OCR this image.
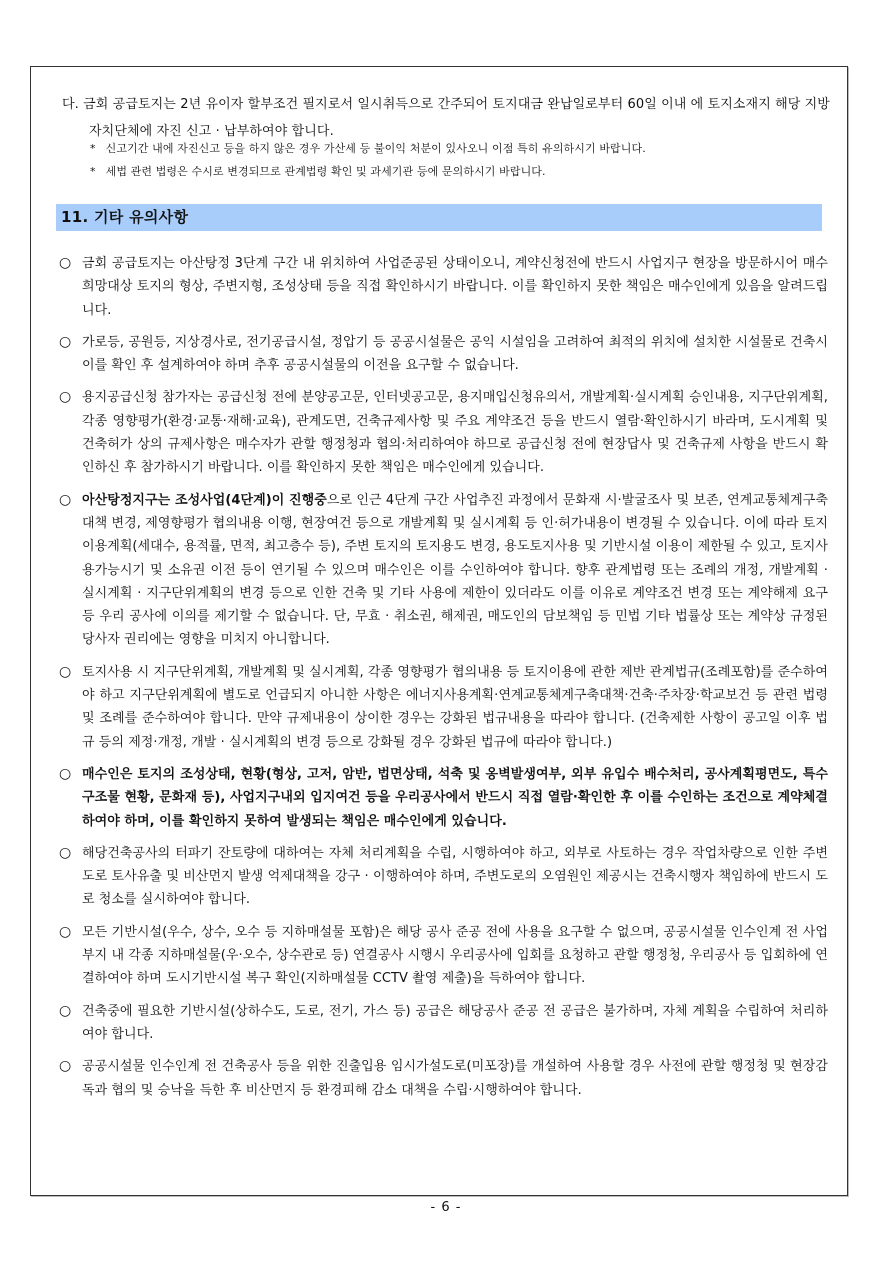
다. 금회 공급토지는 2년 유이자 할부조건 필지로서 일시취득으로 간주되어 토지대금 완납일로부터 60일 이내 에 토지소재지 해당 지방자치단체에 자진 신고 · 납부하여야 합니다.
* 신고기간 내에 자진신고 등을 하지 않은 경우 가산세 등 불이익 처분이 있사오니 이점 특히 유의하시기 바랍니다.
* 세법 관련 법령은 수시로 변경되므로 관계법령 확인 및 과세기관 등에 문의하시기 바랍니다.
11. 기타 유의사항
○ 금회 공급토지는 아산탕정 3단계 구간 내 위치하여 사업준공된 상태이오니, 계약신청전에 반드시 사업지구 현장을 방문하시어 매수희망대상 토지의 형상, 주변지형, 조성상태 등을 직접 확인하시기 바랍니다. 이를 확인하지 못한 책임은 매수인에게 있음을 알려드립니다.
○ 가로등, 공원등, 지상경사로, 전기공급시설, 정압기 등 공공시설물은 공익 시설임을 고려하여 최적의 위치에 설치한 시설물로 건축시 이를 확인 후 설계하여야 하며 추후 공공시설물의 이전을 요구할 수 없습니다.
○ 용지공급신청 참가자는 공급신청 전에 분양공고문, 인터넷공고문, 용지매입신청유의서, 개발계획·실시계획 승인내용, 지구단위계획, 각종 영향평가(환경·교통·재해·교육), 관계도면, 건축규제사항 및 주요 계약조건 등을 반드시 열람·확인하시기 바라며, 도시계획 및 건축허가 상의 규제사항은 매수자가 관할 행정청과 협의·처리하여야 하므로 공급신청 전에 현장답사 및 건축규제 사항을 반드시 확인하신 후 참가하시기 바랍니다. 이를 확인하지 못한 책임은 매수인에게 있습니다.
○ 아산탕정지구는 조성사업(4단계)이 진행중으로 인근 4단계 구간 사업추진 과정에서 문화재 시·발굴조사 및 보존, 연계교통체계구축대책 변경, 제영향평가 협의내용 이행, 현장여건 등으로 개발계획 및 실시계획 등 인·허가내용이 변경될 수 있습니다. 이에 따라 토지이용계획(세대수, 용적률, 면적, 최고층수 등), 주변 토지의 토지용도 변경, 용도토지사용 및 기반시설 이용이 제한될 수 있고, 토지사용가능시기 및 소유권 이전 등이 연기될 수 있으며 매수인은 이를 수인하여야 합니다. 향후 관계법령 또는 조례의 개정, 개발계획 · 실시계획 · 지구단위계획의 변경 등으로 인한 건축 및 기타 사용에 제한이 있더라도 이를 이유로 계약조건 변경 또는 계약해제 요구 등 우리 공사에 이의를 제기할 수 없습니다. 단, 무효 · 취소권, 해제권, 매도인의 담보책임 등 민법 기타 법률상 또는 계약상 규정된 당사자 권리에는 영향을 미치지 아니합니다.
○ 토지사용 시 지구단위계획, 개발계획 및 실시계획, 각종 영향평가 협의내용 등 토지이용에 관한 제반 관계법규(조례포함)를 준수하여야 하고 지구단위계획에 별도로 언급되지 아니한 사항은 에너지사용계획·연계교통체계구축대책·건축·주차장·학교보건 등 관련 법령 및 조례를 준수하여야 합니다. 만약 규제내용이 상이한 경우는 강화된 법규내용을 따라야 합니다. (건축제한 사항이 공고일 이후 법규 등의 제정·개정, 개발 · 실시계획의 변경 등으로 강화될 경우 강화된 법규에 따라야 합니다.)
○ 매수인은 토지의 조성상태, 현황(형상, 고저, 암반, 법면상태, 석축 및 옹벽발생여부, 외부 유입수 배수처리, 공사계획평면도, 특수구조물 현황, 문화재 등), 사업지구내외 입지여건 등을 우리공사에서 반드시 직접 열람·확인한 후 이를 수인하는 조건으로 계약체결 하여야 하며, 이를 확인하지 못하여 발생되는 책임은 매수인에게 있습니다.
○ 해당건축공사의 터파기 잔토량에 대하여는 자체 처리계획을 수립, 시행하여야 하고, 외부로 사토하는 경우 작업차량으로 인한 주변도로 토사유출 및 비산먼지 발생 억제대책을 강구 · 이행하여야 하며, 주변도로의 오염원인 제공시는 건축시행자 책임하에 반드시 도로 청소를 실시하여야 합니다.
○ 모든 기반시설(우수, 상수, 오수 등 지하매설물 포함)은 해당 공사 준공 전에 사용을 요구할 수 없으며, 공공시설물 인수인계 전 사업부지 내 각종 지하매설물(우·오수, 상수관로 등) 연결공사 시행시 우리공사에 입회를 요청하고 관할 행정청, 우리공사 등 입회하에 연결하여야 하며 도시기반시설 복구 확인(지하매설물 CCTV 촬영 제출)을 득하여야 합니다.
○ 건축중에 필요한 기반시설(상하수도, 도로, 전기, 가스 등) 공급은 해당공사 준공 전 공급은 불가하며, 자체 계획을 수립하여 처리하여야 합니다.
○ 공공시설물 인수인계 전 건축공사 등을 위한 진출입용 임시가설도로(미포장)를 개설하여 사용할 경우 사전에 관할 행정청 및 현장감독과 협의 및 승낙을 득한 후 비산먼지 등 환경피해 감소 대책을 수립·시행하여야 합니다.
- 6 -
